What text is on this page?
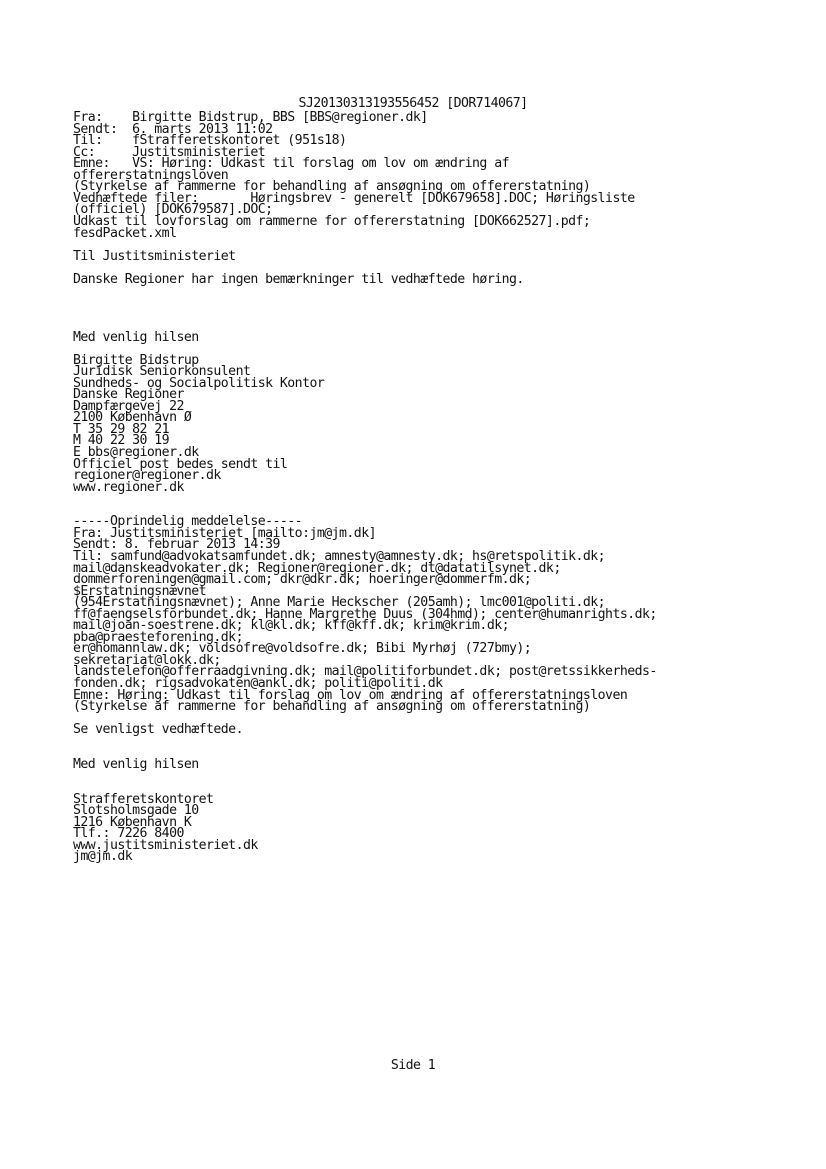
SJ20130313193556452 [DOR714067]
Fra:    Birgitte Bidstrup, BBS [BBS@regioner.dk]
Sendt:  6. marts 2013 11:02
Til:    fStrafferetskontoret (951s18)
Cc:     Justitsministeriet
Emne:   VS: Høring: Udkast til forslag om lov om ændring af
offererstatningsloven
(Styrkelse af rammerne for behandling af ansøgning om offererstatning)
Vedhæftede filer:       Høringsbrev - generelt [DOK679658].DOC; Høringsliste
(officiel) [DOK679587].DOC;
Udkast til lovforslag om rammerne for offererstatning [DOK662527].pdf;
fesdPacket.xml
Til Justitsministeriet
Danske Regioner har ingen bemærkninger til vedhæftede høring.
Med venlig hilsen
Birgitte Bidstrup
Juridisk Seniorkonsulent
Sundheds- og Socialpolitisk Kontor
Danske Regioner
Dampfærgevej 22
2100 København Ø
T 35 29 82 21
M 40 22 30 19
E bbs@regioner.dk
Officiel post bedes sendt til
regioner@regioner.dk
www.regioner.dk
-----Oprindelig meddelelse-----
Fra: Justitsministeriet [mailto:jm@jm.dk]
Sendt: 8. februar 2013 14:39
Til: samfund@advokatsamfundet.dk; amnesty@amnesty.dk; hs@retspolitik.dk;
mail@danskeadvokater.dk; Regioner@regioner.dk; dt@datatilsynet.dk;
dommerforeningen@gmail.com; dkr@dkr.dk; hoeringer@dommerfm.dk;
$Erstatningsnævnet
(954Erstatningsnævnet); Anne Marie Heckscher (205amh); lmc001@politi.dk;
ff@faengselsforbundet.dk; Hanne Margrethe Duus (304hmd); center@humanrights.dk;
mail@joan-soestrene.dk; kl@kl.dk; kff@kff.dk; krim@krim.dk;
pba@praesteforening.dk;
er@homannlaw.dk; voldsofre@voldsofre.dk; Bibi Myrhøj (727bmy);
sekretariat@lokk.dk;
landstelefon@offerraadgivning.dk; mail@politiforbundet.dk; post@retssikkerheds-
fonden.dk; rigsadvokaten@ankl.dk; politi@politi.dk
Emne: Høring: Udkast til forslag om lov om ændring af offererstatningsloven
(Styrkelse af rammerne for behandling af ansøgning om offererstatning)
Se venligst vedhæftede.
Med venlig hilsen
Strafferetskontoret
Slotsholmsgade 10
1216 København K
Tlf.: 7226 8400
www.justitsministeriet.dk
jm@jm.dk
Side 1
